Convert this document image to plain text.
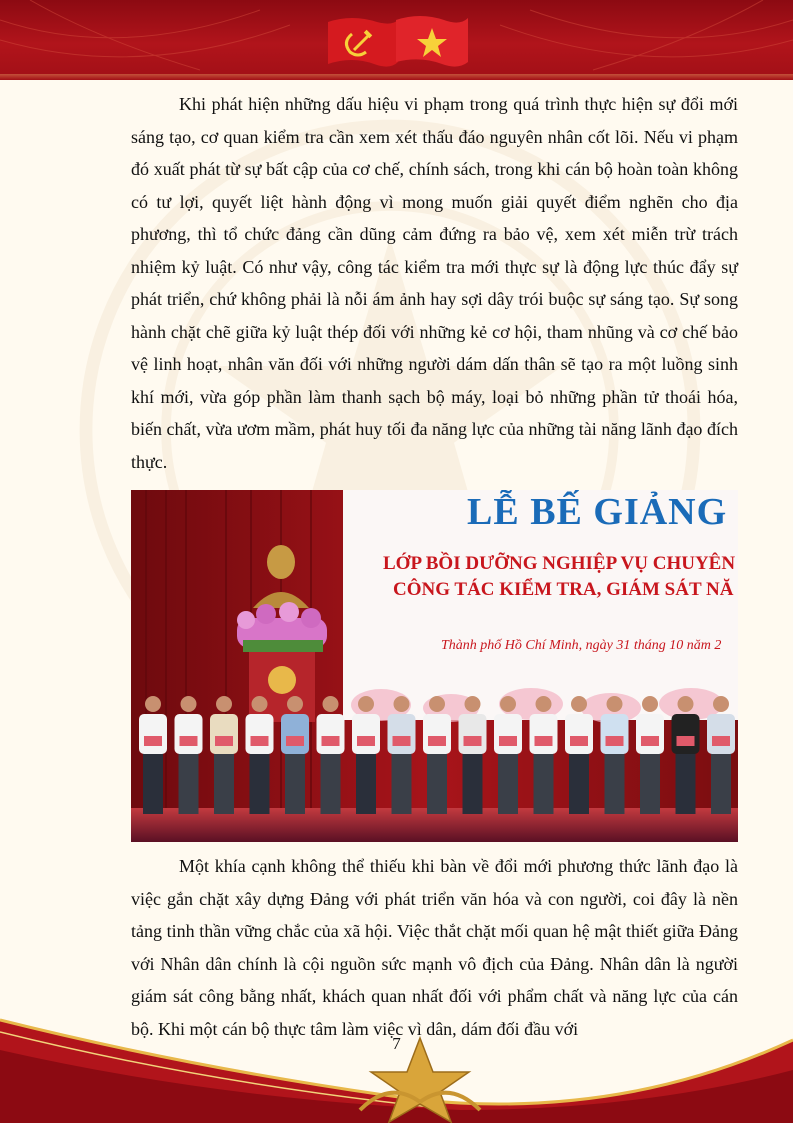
Khi phát hiện những dấu hiệu vi phạm trong quá trình thực hiện sự đổi mới sáng tạo, cơ quan kiểm tra cần xem xét thấu đáo nguyên nhân cốt lõi. Nếu vi phạm đó xuất phát từ sự bất cập của cơ chế, chính sách, trong khi cán bộ hoàn toàn không có tư lợi, quyết liệt hành động vì mong muốn giải quyết điểm nghẽn cho địa phương, thì tổ chức đảng cần dũng cảm đứng ra bảo vệ, xem xét miễn trừ trách nhiệm kỷ luật. Có như vậy, công tác kiểm tra mới thực sự là động lực thúc đẩy sự phát triển, chứ không phải là nỗi ám ảnh hay sợi dây trói buộc sự sáng tạo. Sự song hành chặt chẽ giữa kỷ luật thép đối với những kẻ cơ hội, tham nhũng và cơ chế bảo vệ linh hoạt, nhân văn đối với những người dám dấn thân sẽ tạo ra một luồng sinh khí mới, vừa góp phần làm thanh sạch bộ máy, loại bỏ những phần tử thoái hóa, biến chất, vừa ươm mầm, phát huy tối đa năng lực của những tài năng lãnh đạo đích thực.

LỄ BẾ GIẢNG
LỚP BỒI DƯỠNG NGHIỆP VỤ CHUYÊN
CÔNG TÁC KIỂM TRA, GIÁM SÁT NĂ
Thành phố Hồ Chí Minh, ngày 31 tháng 10 năm 2

Một khía cạnh không thể thiếu khi bàn về đổi mới phương thức lãnh đạo là việc gắn chặt xây dựng Đảng với phát triển văn hóa và con người, coi đây là nền tảng tinh thần vững chắc của xã hội. Việc thắt chặt mối quan hệ mật thiết giữa Đảng với Nhân dân chính là cội nguồn sức mạnh vô địch của Đảng. Nhân dân là người giám sát công bằng nhất, khách quan nhất đối với phẩm chất và năng lực của cán bộ. Khi một cán bộ thực tâm làm việc vì dân, dám đối đầu với

7
